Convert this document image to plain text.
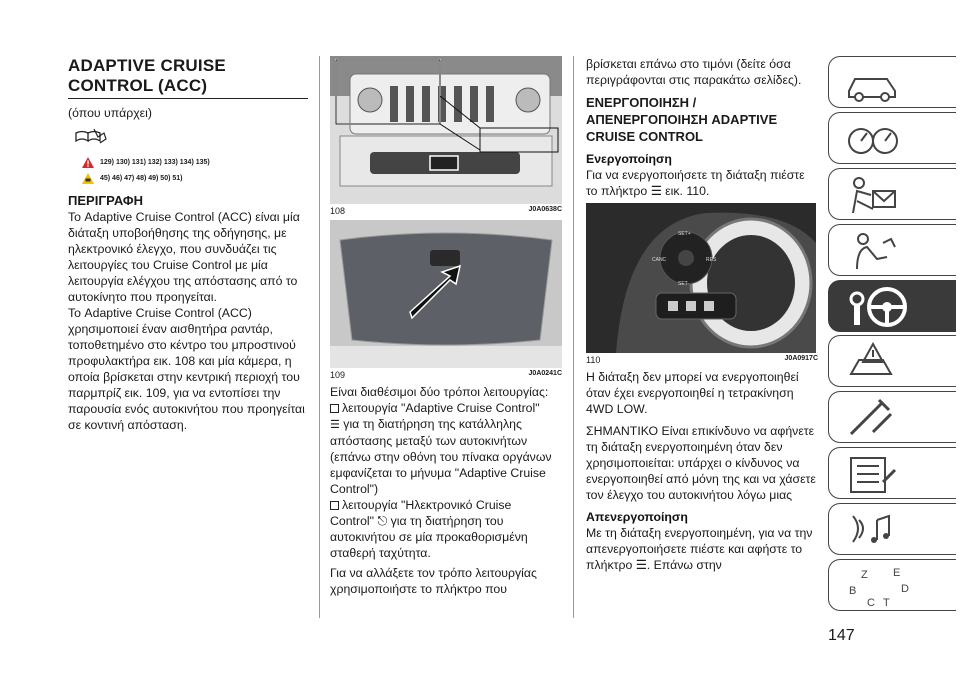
ADAPTIVE CRUISE
CONTROL (ACC)

(όπου υπάρχει)

129) 130) 131) 132) 133) 134) 135)
45) 46) 47) 48) 49) 50) 51)
ΠΕΡΙΓΡΑΦΗ

Το Adaptive Cruise Control (ACC) είναι μία διάταξη υποβοήθησης της οδήγησης, με ηλεκτρονικό έλεγχο, που συνδυάζει τις λειτουργίες του Cruise Control με μία λειτουργία ελέγχου της απόστασης από το αυτοκίνητο που προηγείται.

Το Adaptive Cruise Control (ACC) χρησιμοποιεί έναν αισθητήρα ραντάρ, τοποθετημένο στο κέντρο του μπροστινού προφυλακτήρα εικ. 108 και μία κάμερα, η οποία βρίσκεται στην κεντρική περιοχή του παρμπρίζ εικ. 109, για να εντοπίσει την παρουσία ενός αυτοκινήτου που προηγείται σε κοντινή απόσταση.

108	J0A0638C
109	J0A0241C

Είναι διαθέσιμοι δύο τρόποι λειτουργίας:

λειτουργία "Adaptive Cruise Control"

☰ για τη διατήρηση της κατάλληλης απόστασης μεταξύ των αυτοκινήτων (επάνω στην οθόνη του πίνακα οργάνων εμφανίζεται το μήνυμα "Adaptive Cruise Control")

λειτουργία "Ηλεκτρονικό Cruise

Control" ⎋ για τη διατήρηση του αυτοκινήτου σε μία προκαθορισμένη σταθερή ταχύτητα.

Για να αλλάξετε τον τρόπο λειτουργίας χρησιμοποιήστε το πλήκτρο που

βρίσκεται επάνω στο τιμόνι (δείτε όσα περιγράφονται στις παρακάτω σελίδες).

ΕΝΕΡΓΟΠΟΙΗΣΗ / ΑΠΕΝΕΡΓΟΠΟΙΗΣΗ ADAPTIVE CRUISE CONTROL
Ενεργοποίηση

Για να ενεργοποιήσετε τη διάταξη πιέστε το πλήκτρο ☰ εικ. 110.

SET+
SET-
CANC	RES
110	J0A0917C

Η διάταξη δεν μπορεί να ενεργοποιηθεί όταν έχει ενεργοποιηθεί η τετρακίνηση 4WD LOW.

ΣΗΜΑΝΤΙΚΟ Είναι επικίνδυνο να αφήνετε τη διάταξη ενεργοποιημένη όταν δεν χρησιμοποιείται: υπάρχει ο κίνδυνος να ενεργοποιηθεί από μόνη της και να χάσετε τον έλεγχο του αυτοκινήτου λόγω μιας

Απενεργοποίηση

Με τη διάταξη ενεργοποιημένη, για να την απενεργοποιήσετε πιέστε και αφήστε το πλήκτρο ☰. Επάνω στην

Z E
B	D
C T
147
